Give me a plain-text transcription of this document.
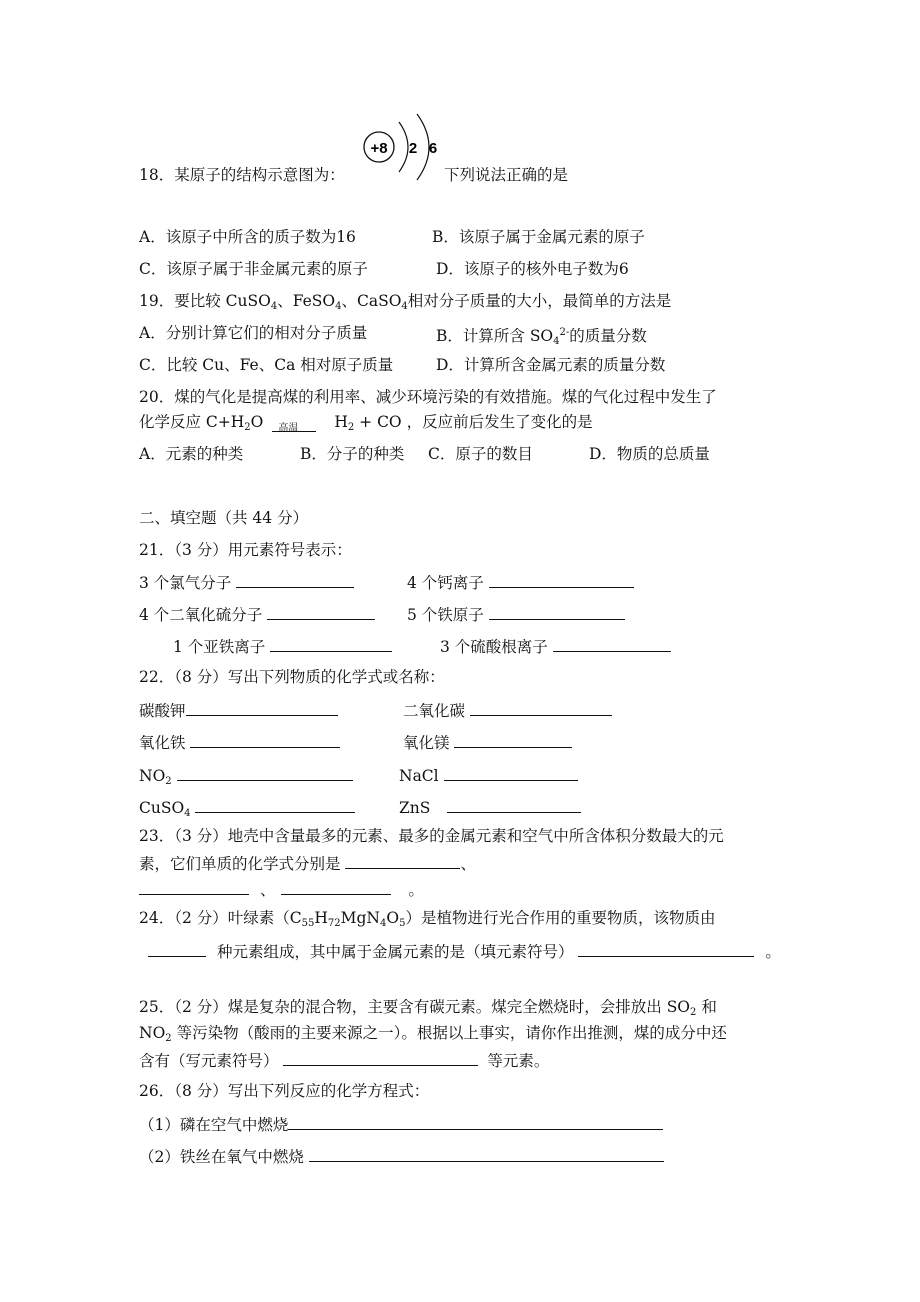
18．某原子的结构示意图为：
+8 2 6
下列说法正确的是
A．该原子中所含的质子数为16	B．该原子属于金属元素的原子
C．该原子属于非金属元素的原子	D．该原子的核外电子数为6
19．要比较 CuSO$_4$、FeSO$_4$、CaSO$_4$相对分子质量的大小，最简单的方法是
A．分别计算它们的相对分子质量	B．计算所含 $SO_4^{2-}$的质量分数
C．比较 Cu、Fe、Ca 相对原子质量	D．计算所含金属元素的质量分数
20．煤的气化是提高煤的利用率、减少环境污染的有效措施。煤的气化过程中发生了
化学反应 $C+H_2O$ 高温 $H_2$ + CO ，反应前后发生了变化的是
A．元素的种类	B．分子的种类 C．原子的数目	D．物质的总质量
二、填空题（共 44 分）
21．（3 分）用元素符号表示：
3 个氯气分子	4 个钙离子
4 个二氧化硫分子	5 个铁原子
1 个亚铁离子	3 个硫酸根离子
22．（8 分）写出下列物质的化学式或名称：
碳酸钾	二氧化碳
氧化铁	氧化镁
$NO_2$	NaCl
CuSO$_4$	ZnS
23．（3 分）地壳中含量最多的元素、最多的金属元素和空气中所含体积分数最大的元
素，它们单质的化学式分别是	、
、	。
24．（2 分）叶绿素$(C_{55}H_{72}MgN_4O_5)$是植物进行光合作用的重要物质，该物质由
种元素组成，其中属于金属元素的是（填元素符号）	。
25．（2 分）煤是复杂的混合物，主要含有碳元素。煤完全燃烧时，会排放出 $SO_2$ 和
$NO_2$ 等污染物（酸雨的主要来源之一）。根据以上事实，请你作出推测，煤的成分中还
含有（写元素符号）	等元素。
26．（8 分）写出下列反应的化学方程式：
（1）磷在空气中燃烧
（2）铁丝在氧气中燃烧
